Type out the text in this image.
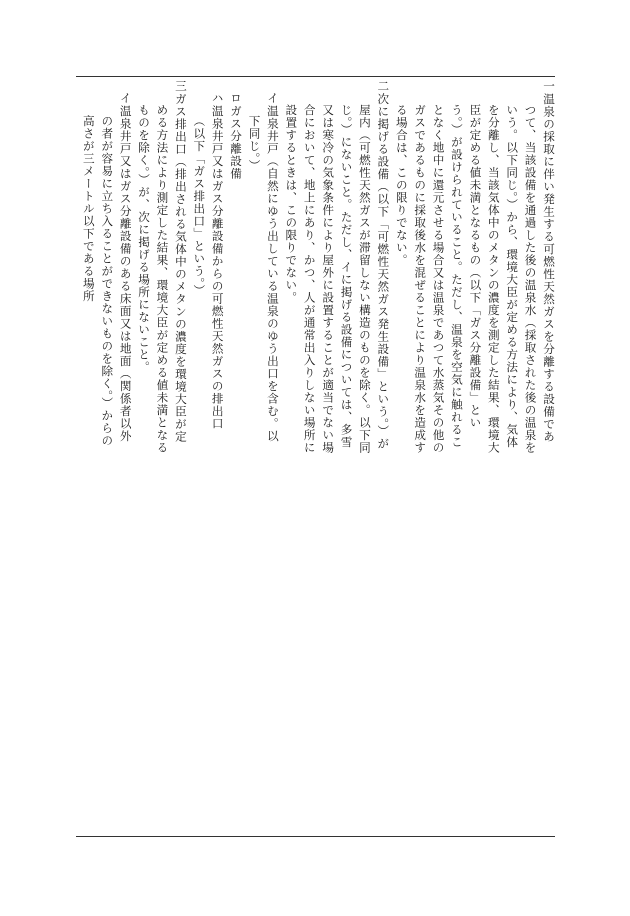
一温泉の採取に伴い発生する可燃性天然ガスを分離する設備であつて、当該設備を通過した後の温泉水（採取された後の温泉をいう。以下同じ。）から、環境大臣が定める方法により、気体を分離し、当該気体中のメタンの濃度を測定した結果、環境大臣が定める値未満となるもの（以下「ガス分離設備」という。）が設けられていること。ただし、温泉を空気に触れることなく地中に還元させる場合又は温泉であつて水蒸気その他のガスであるものに採取後水を混ぜることにより温泉水を造成する場合は、この限りでない。

二次に掲げる設備（以下「可燃性天然ガス発生設備」という。）が屋内（可燃性天然ガスが滞留しない構造のものを除く。以下同じ。）にないこと。ただし、イに掲げる設備については、多雪又は寒冷の気象条件により屋外に設置することが適当でない場合において、地上にあり、かつ、人が通常出入りしない場所に設置するときは、この限りでない。

イ温泉井戸（自然にゆう出している温泉のゆう出口を含む。以下同じ。）

ロガス分離設備

ハ温泉井戸又はガス分離設備からの可燃性天然ガスの排出口（以下「ガス排出口」という。）

三ガス排出口（排出される気体中のメタンの濃度を環境大臣が定める方法により測定した結果、環境大臣が定める値未満となるものを除く。）が、次に掲げる場所にないこと。

イ温泉井戸又はガス分離設備のある床面又は地面（関係者以外の者が容易に立ち入ることができないものを除く。）からの高さが三メートル以下である場所
